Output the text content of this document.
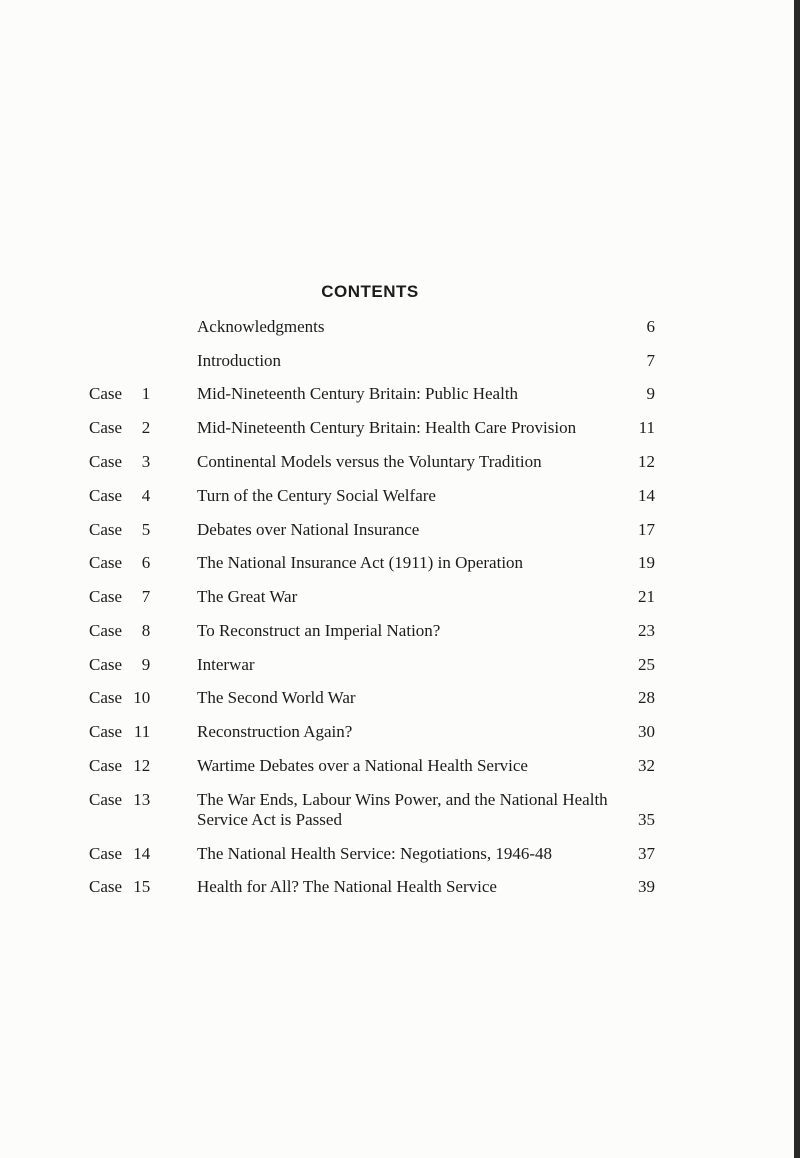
CONTENTS
Acknowledgments	6
Introduction	7
Case 1	Mid-Nineteenth Century Britain: Public Health	9
Case 2	Mid-Nineteenth Century Britain: Health Care Provision	11
Case 3	Continental Models versus the Voluntary Tradition	12
Case 4	Turn of the Century Social Welfare	14
Case 5	Debates over National Insurance	17
Case 6	The National Insurance Act (1911) in Operation	19
Case 7	The Great War	21
Case 8	To Reconstruct an Imperial Nation?	23
Case 9	Interwar	25
Case 10	The Second World War	28
Case 11	Reconstruction Again?	30
Case 12	Wartime Debates over a National Health Service	32
Case 13	The War Ends, Labour Wins Power, and the National Health Service Act is Passed	35
Case 14	The National Health Service: Negotiations, 1946-48	37
Case 15	Health for All? The National Health Service	39
